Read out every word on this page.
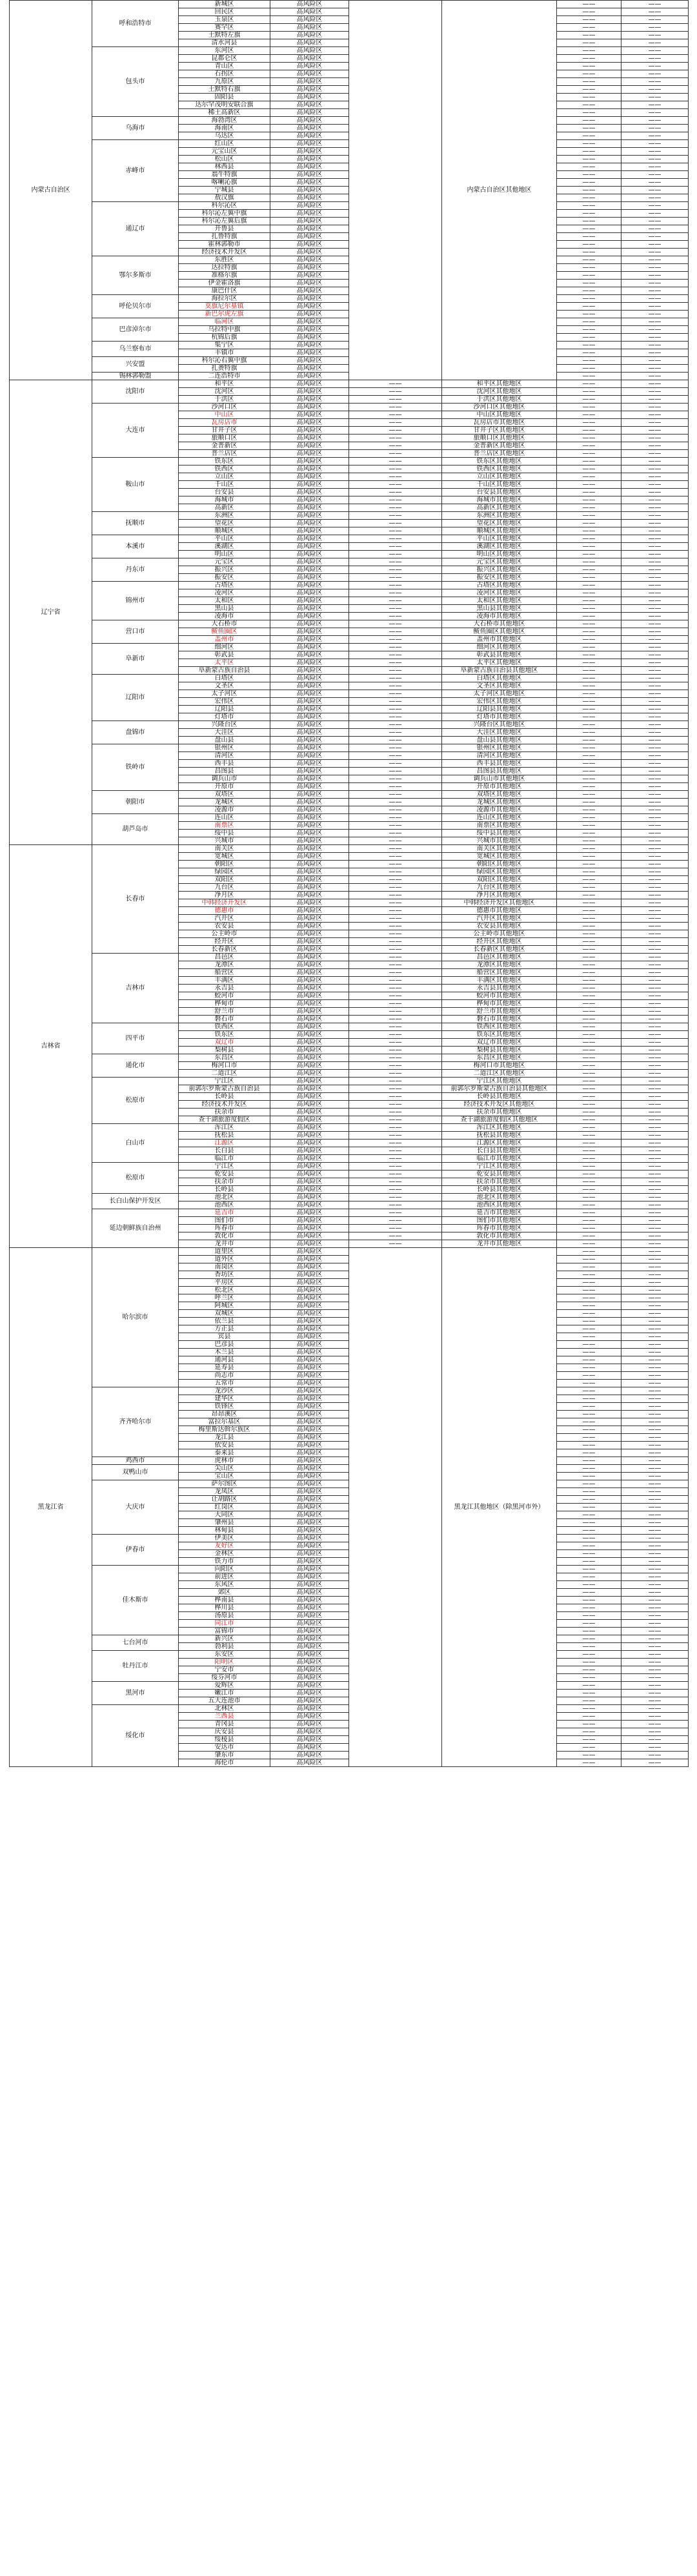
内蒙古自治区	呼和浩特市	新城区	高风险区		内蒙古自治区其他地区	——	——
		回民区	高风险区			——	——
		玉泉区	高风险区			——	——
		赛罕区	高风险区			——	——
		土默特左旗	高风险区			——	——
		清水河县	高风险区			——	——
	包头市	东河区	高风险区			——	——
		昆都仑区	高风险区			——	——
		青山区	高风险区			——	——
		石拐区	高风险区			——	——
		九原区	高风险区			——	——
		土默特右旗	高风险区			——	——
		固阳县	高风险区			——	——
		达尔罕茂明安联合旗	高风险区			——	——
		稀土高新区	高风险区			——	——
	乌海市	海勃湾区	高风险区			——	——
		海南区	高风险区			——	——
		乌达区	高风险区			——	——
	赤峰市	红山区	高风险区			——	——
		元宝山区	高风险区			——	——
		松山区	高风险区			——	——
		林西县	高风险区			——	——
		翁牛特旗	高风险区			——	——
		喀喇沁旗	高风险区			——	——
		宁城县	高风险区			——	——
		敖汉旗	高风险区			——	——
	通辽市	科尔沁区	高风险区			——	——
		科尔沁左翼中旗	高风险区			——	——
		科尔沁左翼后旗	高风险区			——	——
		开鲁县	高风险区			——	——
		扎鲁特旗	高风险区			——	——
		霍林郭勒市	高风险区			——	——
		经济技术开发区	高风险区			——	——
	鄂尔多斯市	东胜区	高风险区			——	——
		达拉特旗	高风险区			——	——
		准格尔旗	高风险区			——	——
		伊金霍洛旗	高风险区			——	——
		康巴什区	高风险区			——	——
	呼伦贝尔市	海拉尔区	高风险区			——	——
		莫旗尼尔基镇	高风险区			——	——
		新巴尔虎左旗	高风险区			——	——
	巴彦淖尔市	临河区	高风险区			——	——
		乌拉特中旗	高风险区			——	——
		杭锦后旗	高风险区			——	——
	乌兰察布市	集宁区	高风险区			——	——
		丰镇市	高风险区			——	——
	兴安盟	科尔沁右翼中旗	高风险区			——	——
		扎赉特旗	高风险区			——	——
	锡林郭勒盟	二连浩特市	高风险区			——	——
辽宁省	沈阳市	和平区	高风险区	——	和平区其他地区	——	——
		沈河区	高风险区	——	沈河区其他地区	——	——
		于洪区	高风险区	——	于洪区其他地区	——	——
	大连市	沙河口区	高风险区	——	沙河口区其他地区	——	——
		中山区	高风险区	——	中山区其他地区	——	——
		瓦房店市	高风险区	——	瓦房店市其他地区	——	——
		甘井子区	高风险区	——	甘井子区其他地区	——	——
		旅顺口区	高风险区	——	旅顺口区其他地区	——	——
		金普新区	高风险区	——	金普新区其他地区	——	——
		普兰店区	高风险区	——	普兰店区其他地区	——	——
	鞍山市	铁东区	高风险区	——	铁东区其他地区	——	——
		铁西区	高风险区	——	铁西区其他地区	——	——
		立山区	高风险区	——	立山区其他地区	——	——
		千山区	高风险区	——	千山区其他地区	——	——
		台安县	高风险区	——	台安县其他地区	——	——
		海城市	高风险区	——	海城市其他地区	——	——
		高新区	高风险区	——	高新区其他地区	——	——
	抚顺市	东洲区	高风险区	——	东洲区其他地区	——	——
		望花区	高风险区	——	望花区其他地区	——	——
		顺城区	高风险区	——	顺城区其他地区	——	——
	本溪市	平山区	高风险区	——	平山区其他地区	——	——
		溪湖区	高风险区	——	溪湖区其他地区	——	——
		明山区	高风险区	——	明山区其他地区	——	——
	丹东市	元宝区	高风险区	——	元宝区其他地区	——	——
		振兴区	高风险区	——	振兴区其他地区	——	——
		振安区	高风险区	——	振安区其他地区	——	——
	锦州市	古塔区	高风险区	——	古塔区其他地区	——	——
		凌河区	高风险区	——	凌河区其他地区	——	——
		太和区	高风险区	——	太和区其他地区	——	——
		黑山县	高风险区	——	黑山县其他地区	——	——
		凌海市	高风险区	——	凌海市其他地区	——	——
	营口市	大石桥市	高风险区	——	大石桥市其他地区	——	——
		鲅鱼圈区	高风险区	——	鲅鱼圈区其他地区	——	——
		盖州市	高风险区	——	盖州市其他地区	——	——
	阜新市	细河区	高风险区	——	细河区其他地区	——	——
		彰武县	高风险区	——	彰武县其他地区	——	——
		太平区	高风险区	——	太平区其他地区	——	——
		阜新蒙古族自治县	高风险区	——	阜新蒙古族自治县其他地区	——	——
	辽阳市	白塔区	高风险区	——	白塔区其他地区	——	——
		文圣区	高风险区	——	文圣区其他地区	——	——
		太子河区	高风险区	——	太子河区其他地区	——	——
		宏伟区	高风险区	——	宏伟区其他地区	——	——
		辽阳县	高风险区	——	辽阳县其他地区	——	——
		灯塔市	高风险区	——	灯塔市其他地区	——	——
	盘锦市	兴隆台区	高风险区	——	兴隆台区其他地区	——	——
		大洼区	高风险区	——	大洼区其他地区	——	——
		盘山县	高风险区	——	盘山县其他地区	——	——
	铁岭市	银州区	高风险区	——	银州区其他地区	——	——
		清河区	高风险区	——	清河区其他地区	——	——
		西丰县	高风险区	——	西丰县其他地区	——	——
		昌图县	高风险区	——	昌图县其他地区	——	——
		调兵山市	高风险区	——	调兵山市其他地区	——	——
		开原市	高风险区	——	开原市其他地区	——	——
	朝阳市	双塔区	高风险区	——	双塔区其他地区	——	——
		龙城区	高风险区	——	龙城区其他地区	——	——
		凌源市	高风险区	——	凌源市其他地区	——	——
	葫芦岛市	连山区	高风险区	——	连山区其他地区	——	——
		南票区	高风险区	——	南票区其他地区	——	——
		绥中县	高风险区	——	绥中县其他地区	——	——
		兴城市	高风险区	——	兴城市其他地区	——	——
吉林省	长春市	南关区	高风险区	——	南关区其他地区	——	——
		宽城区	高风险区	——	宽城区其他地区	——	——
		朝阳区	高风险区	——	朝阳区其他地区	——	——
		绿园区	高风险区	——	绿园区其他地区	——	——
		双阳区	高风险区	——	双阳区其他地区	——	——
		九台区	高风险区	——	九台区其他地区	——	——
		净月区	高风险区	——	净月区其他地区	——	——
		中韩经济开发区	高风险区	——	中韩经济开发区其他地区	——	——
		德惠市	高风险区	——	德惠市其他地区	——	——
		汽开区	高风险区	——	汽开区其他地区	——	——
		农安县	高风险区	——	农安县其他地区	——	——
		公主岭市	高风险区	——	公主岭市其他地区	——	——
		经开区	高风险区	——	经开区其他地区	——	——
		长春新区	高风险区	——	长春新区其他地区	——	——
	吉林市	昌邑区	高风险区	——	昌邑区其他地区	——	——
		龙潭区	高风险区	——	龙潭区其他地区	——	——
		船营区	高风险区	——	船营区其他地区	——	——
		丰满区	高风险区	——	丰满区其他地区	——	——
		永吉县	高风险区	——	永吉县其他地区	——	——
		蛟河市	高风险区	——	蛟河市其他地区	——	——
		桦甸市	高风险区	——	桦甸市其他地区	——	——
		舒兰市	高风险区	——	舒兰市其他地区	——	——
		磐石市	高风险区	——	磐石市其他地区	——	——
	四平市	铁西区	高风险区	——	铁西区其他地区	——	——
		铁东区	高风险区	——	铁东区其他地区	——	——
		双辽市	高风险区	——	双辽市其他地区	——	——
		梨树县	高风险区	——	梨树县其他地区	——	——
	通化市	东昌区	高风险区	——	东昌区其他地区	——	——
		梅河口市	高风险区	——	梅河口市其他地区	——	——
		二道江区	高风险区	——	二道江区其他地区	——	——
	松原市	宁江区	高风险区	——	宁江区其他地区	——	——
		前郭尔罗斯蒙古族自治县	高风险区	——	前郭尔罗斯蒙古族自治县其他地区	——	——
		长岭县	高风险区	——	长岭县其他地区	——	——
		经济技术开发区	高风险区	——	经济技术开发区其他地区	——	——
		扶余市	高风险区	——	扶余市其他地区	——	——
		查干湖旅游度假区	高风险区	——	查干湖旅游度假区其他地区	——	——
	白山市	浑江区	高风险区	——	浑江区其他地区	——	——
		抚松县	高风险区	——	抚松县其他地区	——	——
		江源区	高风险区	——	江源区其他地区	——	——
		长白县	高风险区	——	长白县其他地区	——	——
		临江市	高风险区	——	临江市其他地区	——	——
	松原市	宁江区	高风险区	——	宁江区其他地区	——	——
		乾安县	高风险区	——	乾安县其他地区	——	——
		扶余市	高风险区	——	扶余市其他地区	——	——
		长岭县	高风险区	——	长岭县其他地区	——	——
	长白山保护开发区	池北区	高风险区	——	池北区其他地区	——	——
		池西区	高风险区	——	池西区其他地区	——	——
	延边朝鲜族自治州	延吉市	高风险区	——	延吉市其他地区	——	——
		图们市	高风险区	——	图们市其他地区	——	——
		珲春市	高风险区	——	珲春市其他地区	——	——
		敦化市	高风险区	——	敦化市其他地区	——	——
		龙井市	高风险区	——	龙井市其他地区	——	——
黑龙江省	哈尔滨市	道里区	高风险区		黑龙江其他地区（除黑河市外）	——	——
		道外区	高风险区			——	——
		南岗区	高风险区			——	——
		香坊区	高风险区			——	——
		平房区	高风险区			——	——
		松北区	高风险区			——	——
		呼兰区	高风险区			——	——
		阿城区	高风险区			——	——
		双城区	高风险区			——	——
		依兰县	高风险区			——	——
		方正县	高风险区			——	——
		宾县	高风险区			——	——
		巴彦县	高风险区			——	——
		木兰县	高风险区			——	——
		通河县	高风险区			——	——
		延寿县	高风险区			——	——
		尚志市	高风险区			——	——
		五常市	高风险区			——	——
	齐齐哈尔市	龙沙区	高风险区			——	——
		建华区	高风险区			——	——
		铁锋区	高风险区			——	——
		昂昂溪区	高风险区			——	——
		富拉尔基区	高风险区			——	——
		梅里斯达斡尔族区	高风险区			——	——
		龙江县	高风险区			——	——
		依安县	高风险区			——	——
		泰来县	高风险区			——	——
	鸡西市	虎林市	高风险区			——	——
	双鸭山市	尖山区	高风险区			——	——
		宝山区	高风险区			——	——
	大庆市	萨尔图区	高风险区			——	——
		龙凤区	高风险区			——	——
		让胡路区	高风险区			——	——
		红岗区	高风险区			——	——
		大同区	高风险区			——	——
		肇州县	高风险区			——	——
		林甸县	高风险区			——	——
	伊春市	伊美区	高风险区			——	——
		友好区	高风险区			——	——
		金林区	高风险区			——	——
		铁力市	高风险区			——	——
	佳木斯市	向阳区	高风险区			——	——
		前进区	高风险区			——	——
		东风区	高风险区			——	——
		郊区	高风险区			——	——
		桦南县	高风险区			——	——
		桦川县	高风险区			——	——
		汤原县	高风险区			——	——
		同江市	高风险区			——	——
		富锦市	高风险区			——	——
	七台河市	新兴区	高风险区			——	——
		勃利县	高风险区			——	——
	牡丹江市	东安区	高风险区			——	——
		阳明区	高风险区			——	——
		宁安市	高风险区			——	——
		绥芬河市	高风险区			——	——
	黑河市	爱辉区	高风险区			——	——
		嫩江市	高风险区			——	——
		五大连池市	高风险区			——	——
	绥化市	北林区	高风险区			——	——
		兰西县	高风险区			——	——
		青冈县	高风险区			——	——
		庆安县	高风险区			——	——
		绥棱县	高风险区			——	——
		安达市	高风险区			——	——
		肇东市	高风险区			——	——
		海伦市	高风险区			——	——
